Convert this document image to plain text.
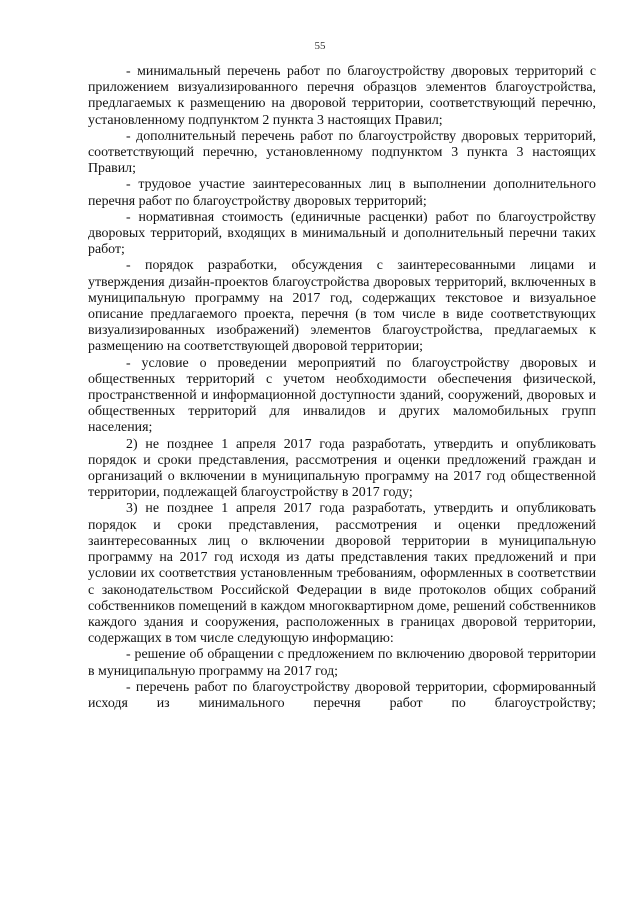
55

- минимальный перечень работ по благоустройству дворовых территорий с приложением визуализированного перечня образцов элементов благоустройства, предлагаемых к размещению на дворовой территории, соответствующий перечню, установленному подпунктом 2 пункта 3 настоящих Правил;

- дополнительный перечень работ по благоустройству дворовых территорий, соответствующий перечню, установленному подпунктом 3 пункта 3 настоящих Правил;

- трудовое участие заинтересованных лиц в выполнении дополнительного перечня работ по благоустройству дворовых территорий;

- нормативная стоимость (единичные расценки) работ по благоустройству дворовых территорий, входящих в минимальный и дополнительный перечни таких работ;

- порядок разработки, обсуждения с заинтересованными лицами и утверждения дизайн-проектов благоустройства дворовых территорий, включенных в муниципальную программу на 2017 год, содержащих текстовое и визуальное описание предлагаемого проекта, перечня (в том числе в виде соответствующих визуализированных изображений) элементов благоустройства, предлагаемых к размещению на соответствующей дворовой территории;

- условие о проведении мероприятий по благоустройству дворовых и общественных территорий с учетом необходимости обеспечения физической, пространственной и информационной доступности зданий, сооружений, дворовых и общественных территорий для инвалидов и других маломобильных групп населения;

2) не позднее 1 апреля 2017 года разработать, утвердить и опубликовать порядок и сроки представления, рассмотрения и оценки предложений граждан и организаций о включении в муниципальную программу на 2017 год общественной территории, подлежащей благоустройству в 2017 году;

3) не позднее 1 апреля 2017 года разработать, утвердить и опубликовать порядок и сроки представления, рассмотрения и оценки предложений заинтересованных лиц о включении дворовой территории в муниципальную программу на 2017 год исходя из даты представления таких предложений и при условии их соответствия установленным требованиям, оформленных в соответствии с законодательством Российской Федерации в виде протоколов общих собраний собственников помещений в каждом многоквартирном доме, решений собственников каждого здания и сооружения, расположенных в границах дворовой территории, содержащих в том числе следующую информацию:

- решение об обращении с предложением по включению дворовой территории в муниципальную программу на 2017 год;

- перечень работ по благоустройству дворовой территории, сформированный исходя из минимального перечня работ по благоустройству;
